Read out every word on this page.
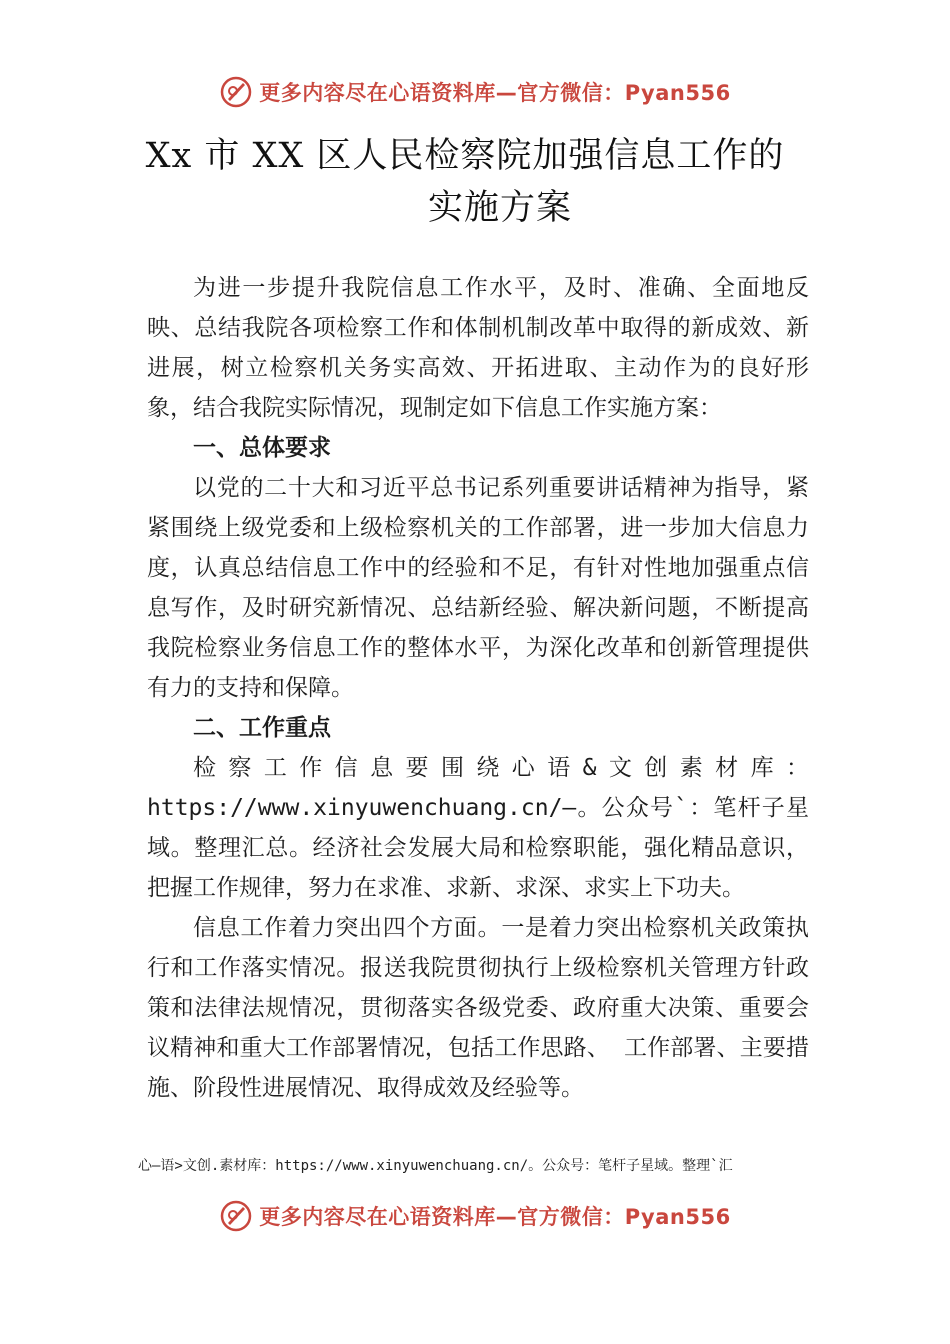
更多内容尽在心语资料库—官方微信：Pyan556
Xx 市 XX 区人民检察院加强信息工作的
实施方案

为进一步提升我院信息工作水平，及时、准确、全面地反映、总结我院各项检察工作和体制机制改革中取得的新成效、新进展，树立检察机关务实高效、开拓进取、主动作为的良好形象，结合我院实际情况，现制定如下信息工作实施方案：

一、总体要求

以党的二十大和习近平总书记系列重要讲话精神为指导，紧紧围绕上级党委和上级检察机关的工作部署，进一步加大信息力度，认真总结信息工作中的经验和不足，有针对性地加强重点信息写作，及时研究新情况、总结新经验、解决新问题，不断提高我院检察业务信息工作的整体水平，为深化改革和创新管理提供有力的支持和保障。

二、工作重点

检察工作信息要围绕心语&文创素材库：https://www.xinyuwenchuang.cn/—。公众号`：笔杆子星域。整理汇总。经济社会发展大局和检察职能，强化精品意识，把握工作规律，努力在求准、求新、求深、求实上下功夫。

信息工作着力突出四个方面。一是着力突出检察机关政策执行和工作落实情况。报送我院贯彻执行上级检察机关管理方针政策和法律法规情况，贯彻落实各级党委、政府重大决策、重要会议精神和重大工作部署情况，包括工作思路、 工作部署、主要措施、阶段性进展情况、取得成效及经验等。

心—语>文创.素材库：https://www.xinyuwenchuang.cn/。公众号：笔杆子星域。整理`汇
更多内容尽在心语资料库—官方微信：Pyan556
